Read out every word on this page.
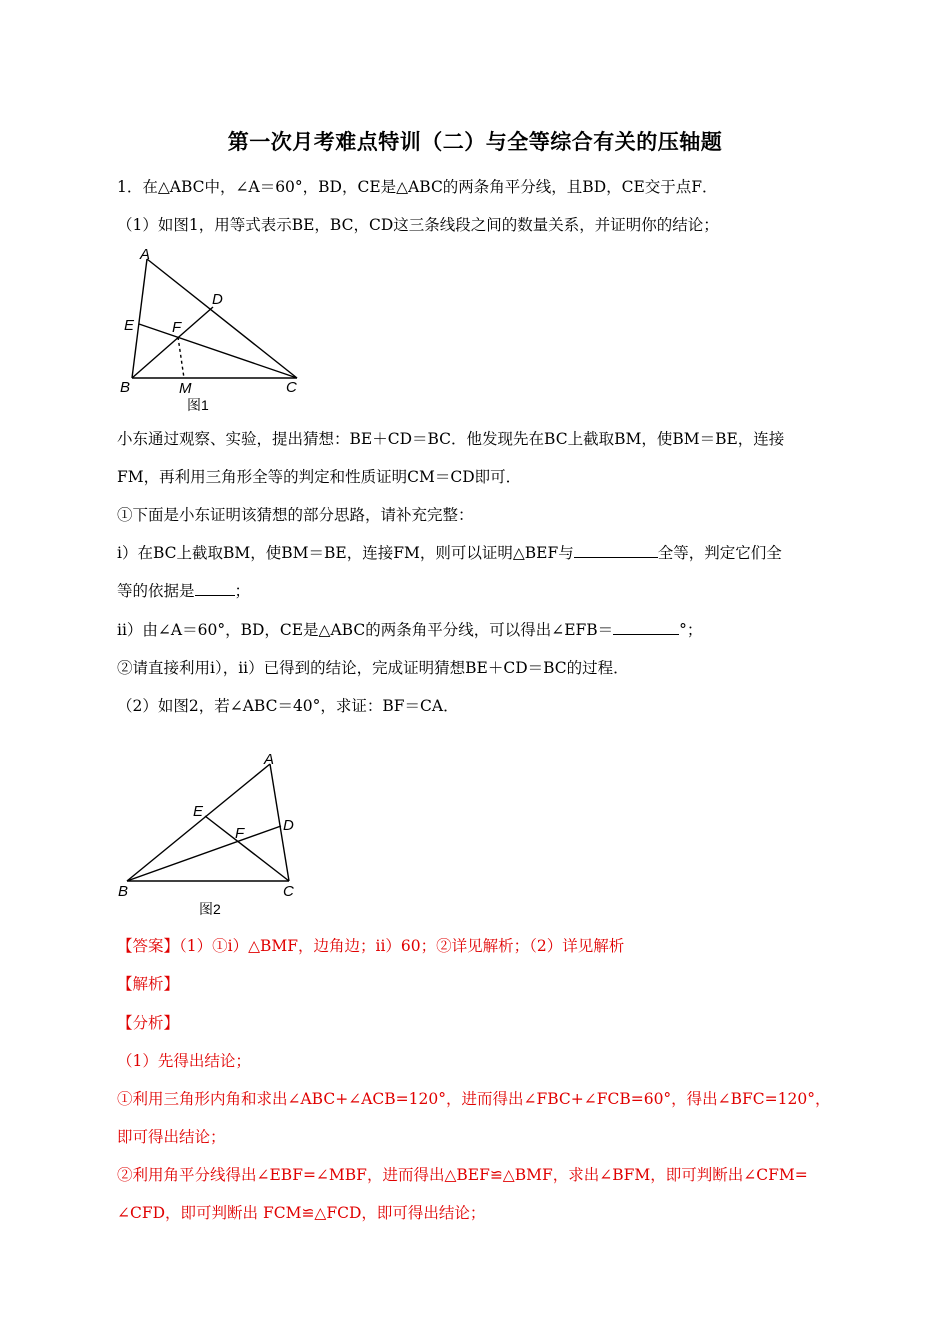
第一次月考难点特训（二）与全等综合有关的压轴题
1．在△ABC中，∠A＝60°，BD，CE是△ABC的两条角平分线，且BD，CE交于点F．
（1）如图1，用等式表示BE，BC，CD这三条线段之间的数量关系，并证明你的结论；
A
D
E	F
B	M	C
图1
小东通过观察、实验，提出猜想：BE＋CD＝BC．他发现先在BC上截取BM，使BM＝BE，连接
FM，再利用三角形全等的判定和性质证明CM＝CD即可．
①下面是小东证明该猜想的部分思路，请补充完整：
i）在BC上截取BM，使BM＝BE，连接FM，则可以证明△BEF与	全等，判定它们全
等的依据是	；
ii）由∠A＝60°，BD，CE是△ABC的两条角平分线，可以得出∠EFB＝	°；
②请直接利用i），ii）已得到的结论，完成证明猜想BE＋CD＝BC的过程．
（2）如图2，若∠ABC＝40°，求证：BF＝CA．
A
E
D
F
B	C
图2
【答案】（1）①i）△BMF，边角边；ii）60；②详见解析；（2）详见解析
【解析】
【分析】
（1）先得出结论；
①利用三角形内角和求出∠ABC+∠ACB=120°，进而得出∠FBC+∠FCB=60°，得出∠BFC=120°，
即可得出结论；
②利用角平分线得出∠EBF=∠MBF，进而得出△BEF≌△BMF，求出∠BFM，即可判断出∠CFM=
∠CFD，即可判断出 FCM≌△FCD，即可得出结论；
